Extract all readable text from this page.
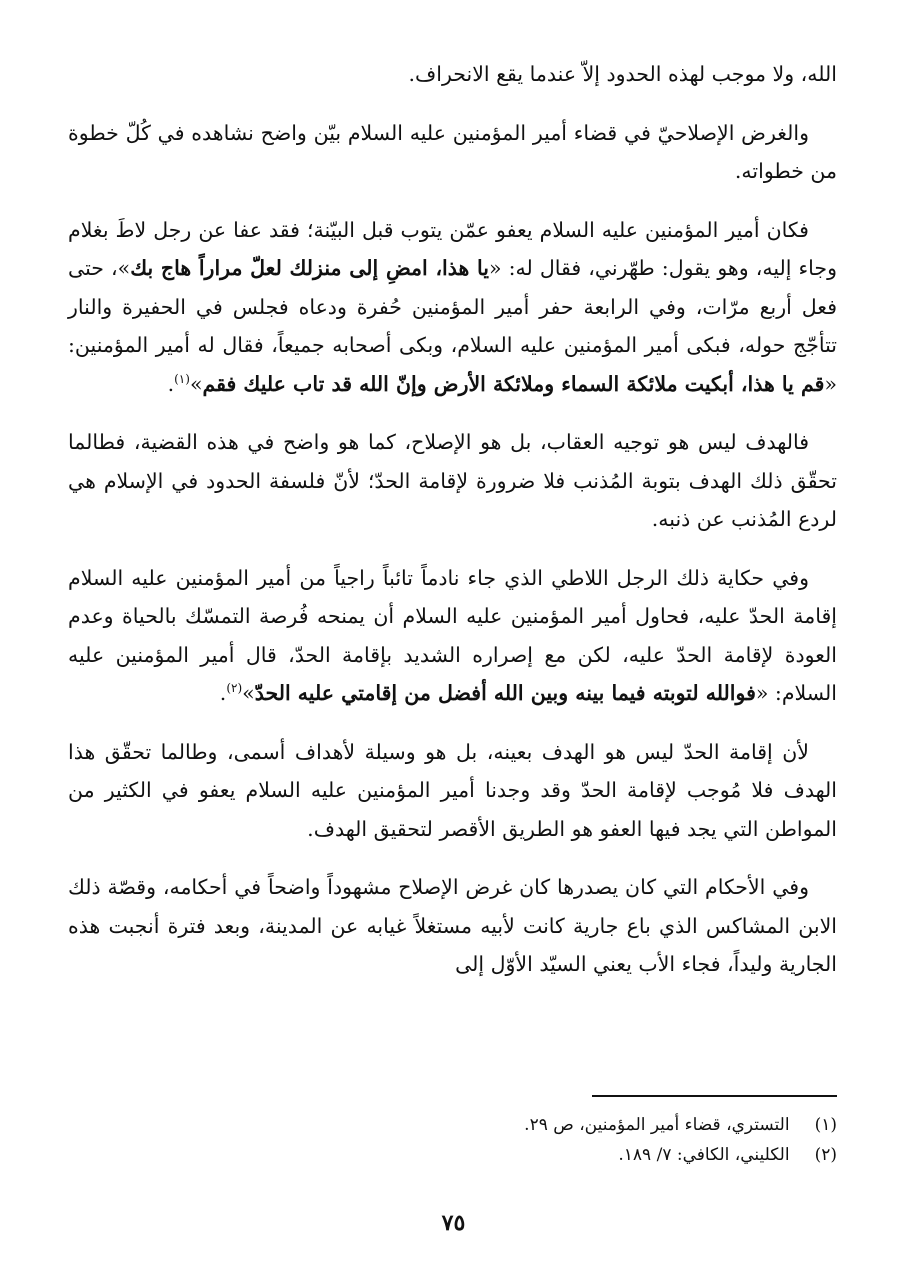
الله، ولا موجب لهذه الحدود إلاّ عندما يقع الانحراف.

والغرض الإصلاحيّ في قضاء أمير المؤمنين عليه السلام بيّن واضح نشاهده في كُلّ خطوة من خطواته.

فكان أمير المؤمنين عليه السلام يعفو عمّن يتوب قبل البيّنة؛ فقد عفا عن رجل لاطَ بغلام وجاء إليه، وهو يقول: طهّرني، فقال له: «يا هذا، امضِ إلى منزلك لعلّ مراراً هاج بك»، حتى فعل أربع مرّات، وفي الرابعة حفر أمير المؤمنين حُفرة ودعاه فجلس في الحفيرة والنار تتأجّج حوله، فبكى أمير المؤمنين عليه السلام، وبكى أصحابه جميعاً، فقال له أمير المؤمنين: «قم يا هذا، أبكيت ملائكة السماء وملائكة الأرض وإنّ الله قد تاب عليك فقم»$^{(١)}$.

فالهدف ليس هو توجيه العقاب، بل هو الإصلاح، كما هو واضح في هذه القضية، فطالما تحقّق ذلك الهدف بتوبة المُذنب فلا ضرورة لإقامة الحدّ؛ لأنّ فلسفة الحدود في الإسلام هي لردع المُذنب عن ذنبه.

وفي حكاية ذلك الرجل اللاطي الذي جاء نادماً تائباً راجياً من أمير المؤمنين عليه السلام إقامة الحدّ عليه، فحاول أمير المؤمنين عليه السلام أن يمنحه فُرصة التمسّك بالحياة وعدم العودة لإقامة الحدّ عليه، لكن مع إصراره الشديد بإقامة الحدّ، قال أمير المؤمنين عليه السلام: «فوالله لتوبته فيما بينه وبين الله أفضل من إقامتي عليه الحدّ»$^{(٢)}$.

لأن إقامة الحدّ ليس هو الهدف بعينه، بل هو وسيلة لأهداف أسمى، وطالما تحقّق هذا الهدف فلا مُوجب لإقامة الحدّ وقد وجدنا أمير المؤمنين عليه السلام يعفو في الكثير من المواطن التي يجد فيها العفو هو الطريق الأقصر لتحقيق الهدف.

وفي الأحكام التي كان يصدرها كان غرض الإصلاح مشهوداً واضحاً في أحكامه، وقصّة ذلك الابن المشاكس الذي باع جارية كانت لأبيه مستغلاً غيابه عن المدينة، وبعد فترة أنجبت هذه الجارية وليداً، فجاء الأب يعني السيّد الأوّل إلى

(١) التستري، قضاء أمير المؤمنين، ص ٢٩.
(٢) الكليني، الكافي: ٧/ ١٨٩.
٧٥
